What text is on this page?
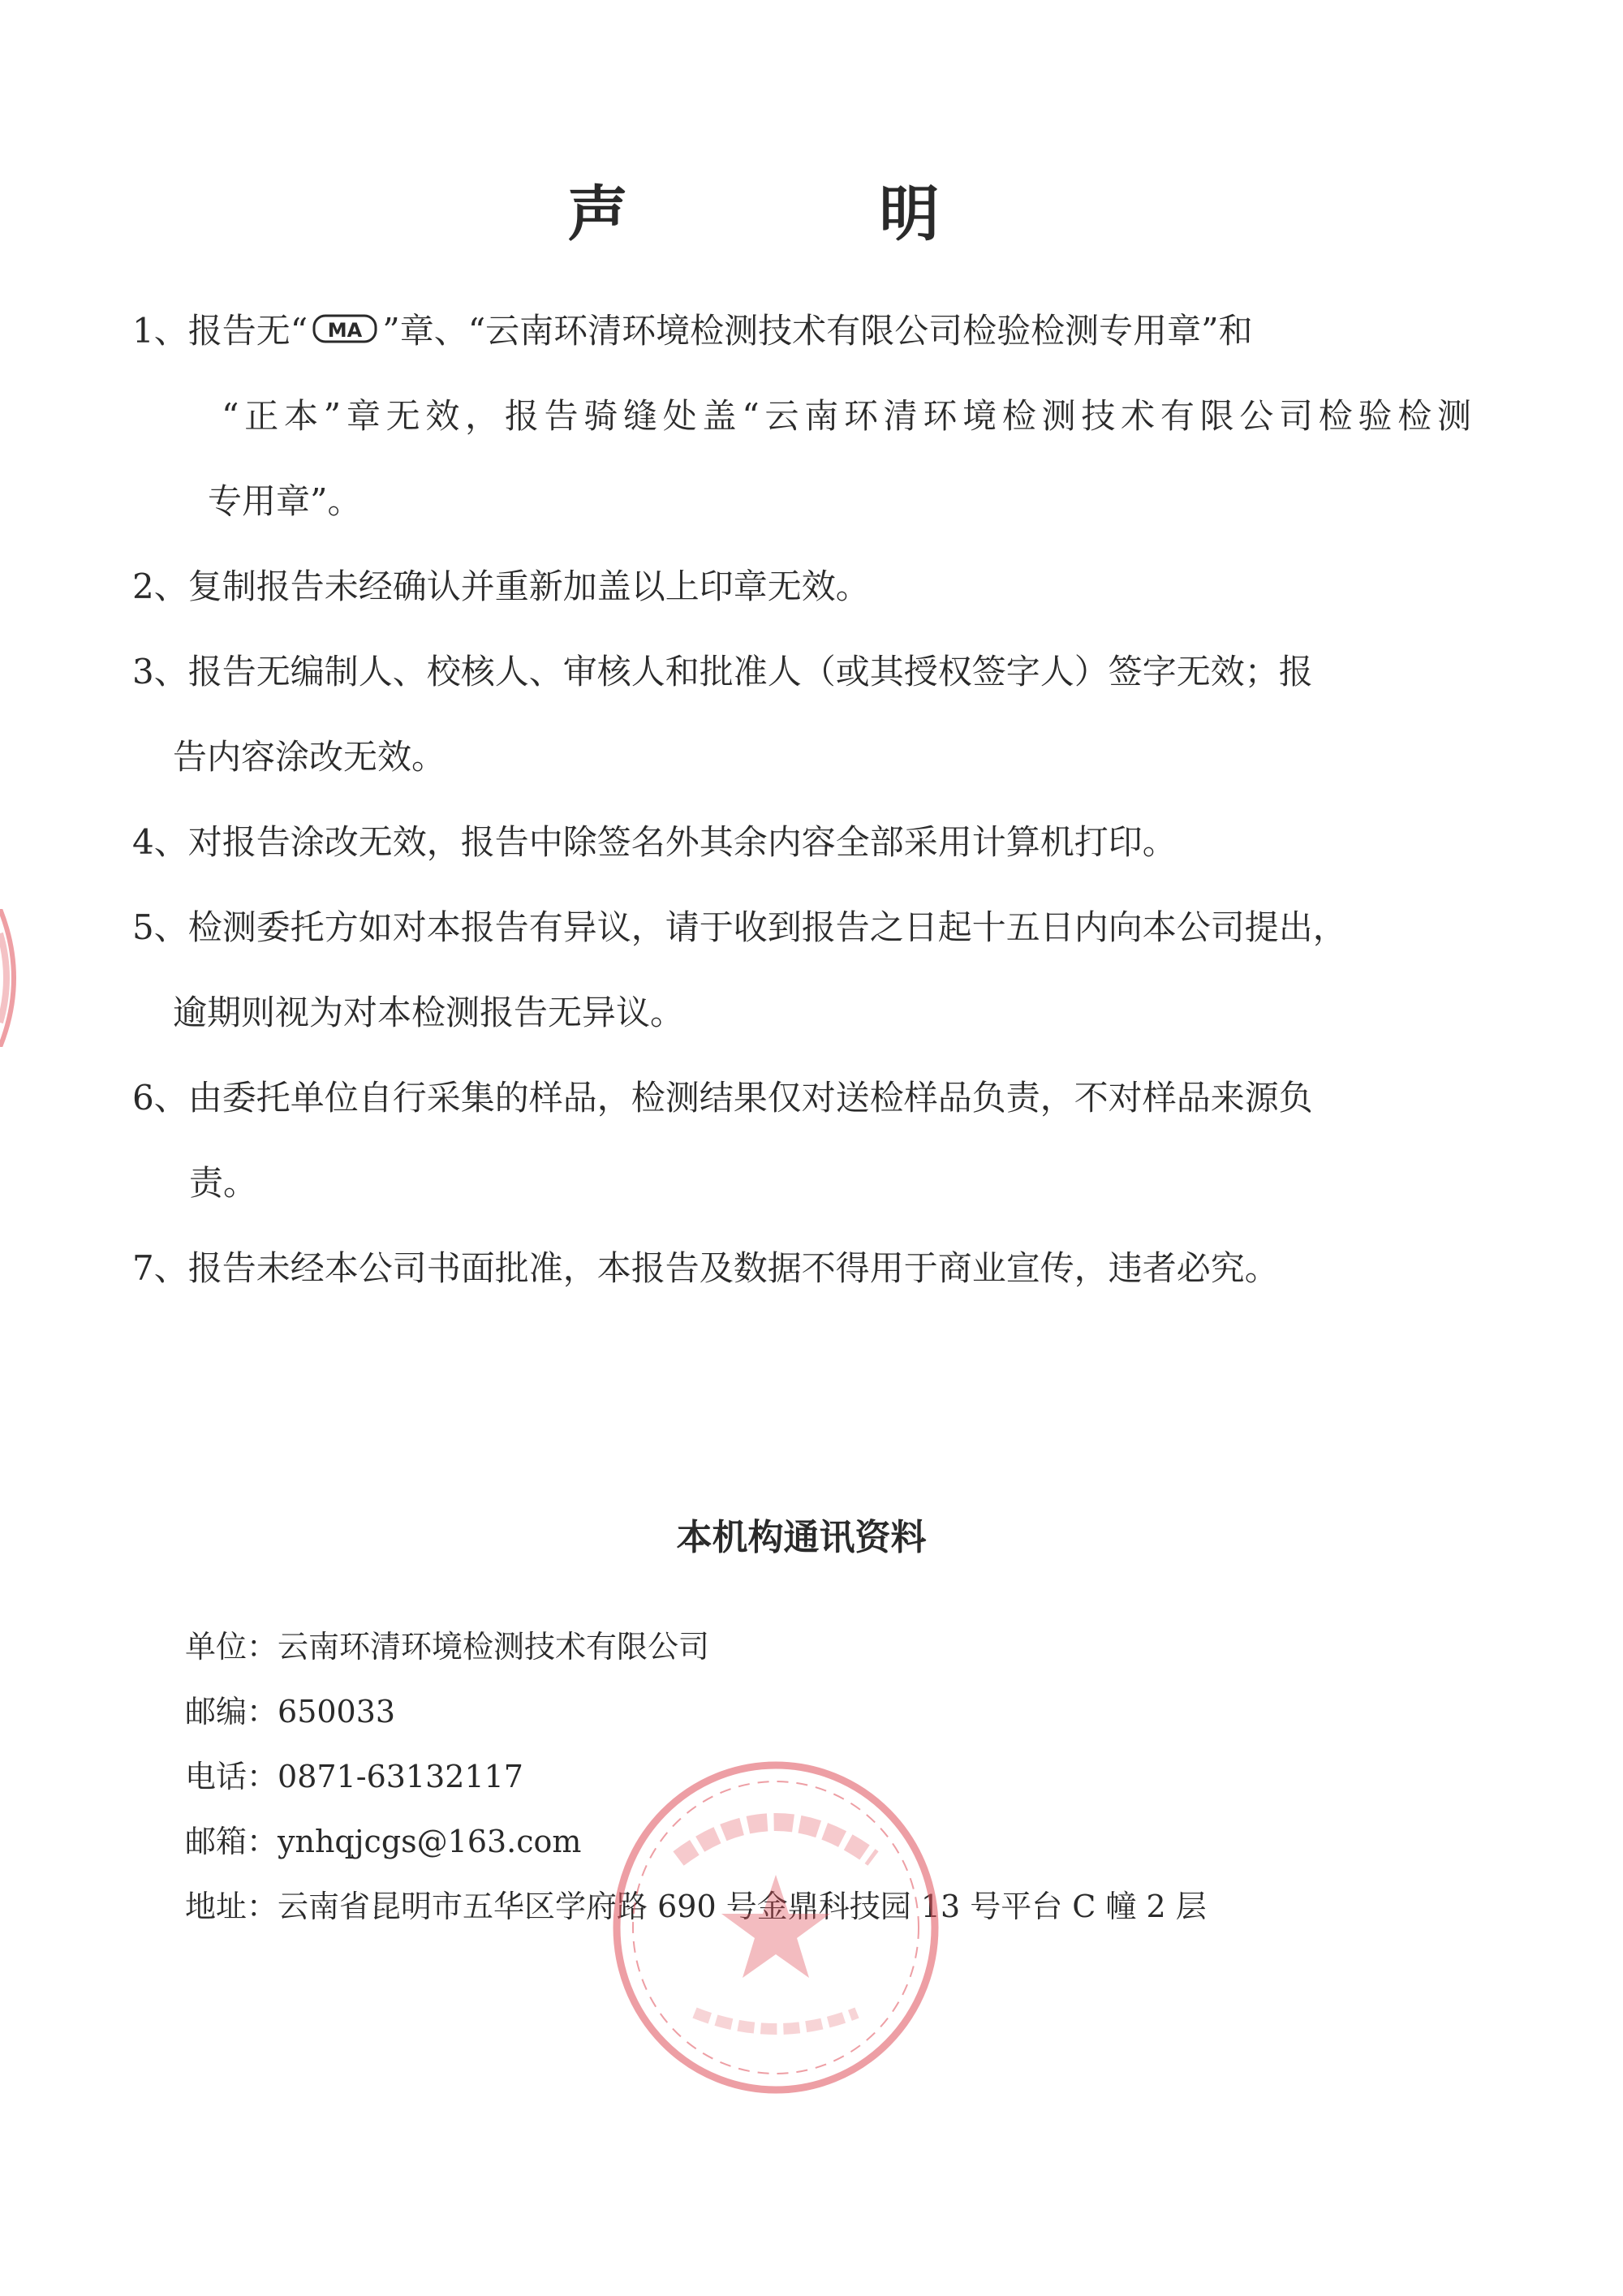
声　明
1、报告无“ MA ”章、“云南环清环境检测技术有限公司检验检测专用章”和
“正本”章无效，报告骑缝处盖“云南环清环境检测技术有限公司检验检测
专用章”。
2、复制报告未经确认并重新加盖以上印章无效。
3、报告无编制人、校核人、审核人和批准人（或其授权签字人）签字无效；报
告内容涂改无效。
4、对报告涂改无效，报告中除签名外其余内容全部采用计算机打印。
5、检测委托方如对本报告有异议，请于收到报告之日起十五日内向本公司提出，
逾期则视为对本检测报告无异议。
6、由委托单位自行采集的样品，检测结果仅对送检样品负责，不对样品来源负
责。
7、报告未经本公司书面批准，本报告及数据不得用于商业宣传，违者必究。
本机构通讯资料
单位：云南环清环境检测技术有限公司
邮编：650033
电话：0871-63132117
邮箱：ynhqjcgs@163.com
地址：云南省昆明市五华区学府路 690 号金鼎科技园 13 号平台 C 幢 2 层
